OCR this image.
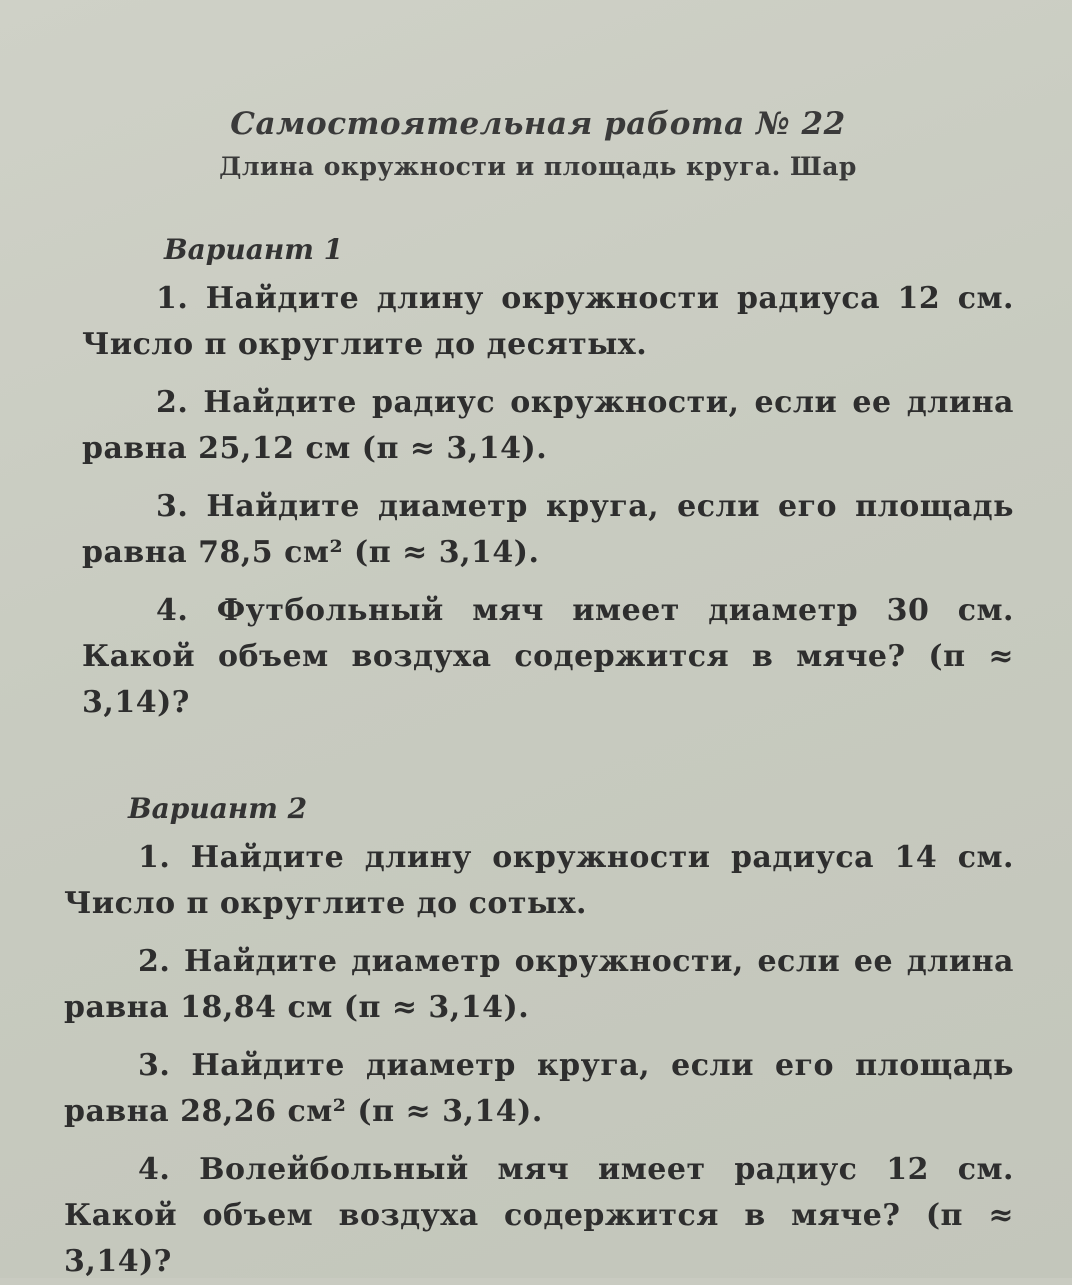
Самостоятельная работа № 22
Длина окружности и площадь круга. Шар
Вариант 1

1. Найдите длину окружности радиуса 12 см. Число π округлите до десятых.

2. Найдите радиус окружности, если ее длина равна 25,12 см (π ≈ 3,14).

3. Найдите диаметр круга, если его площадь равна 78,5 см² (π ≈ 3,14).

4. Футбольный мяч имеет диаметр 30 см. Какой объем воздуха содержится в мяче? (π ≈ 3,14)?

Вариант 2

1. Найдите длину окружности радиуса 14 см. Число π округлите до сотых.

2. Найдите диаметр окружности, если ее длина равна 18,84 см (π ≈ 3,14).

3. Найдите диаметр круга, если его площадь равна 28,26 см² (π ≈ 3,14).

4. Волейбольный мяч имеет радиус 12 см. Какой объем воздуха содержится в мяче? (π ≈ 3,14)?
